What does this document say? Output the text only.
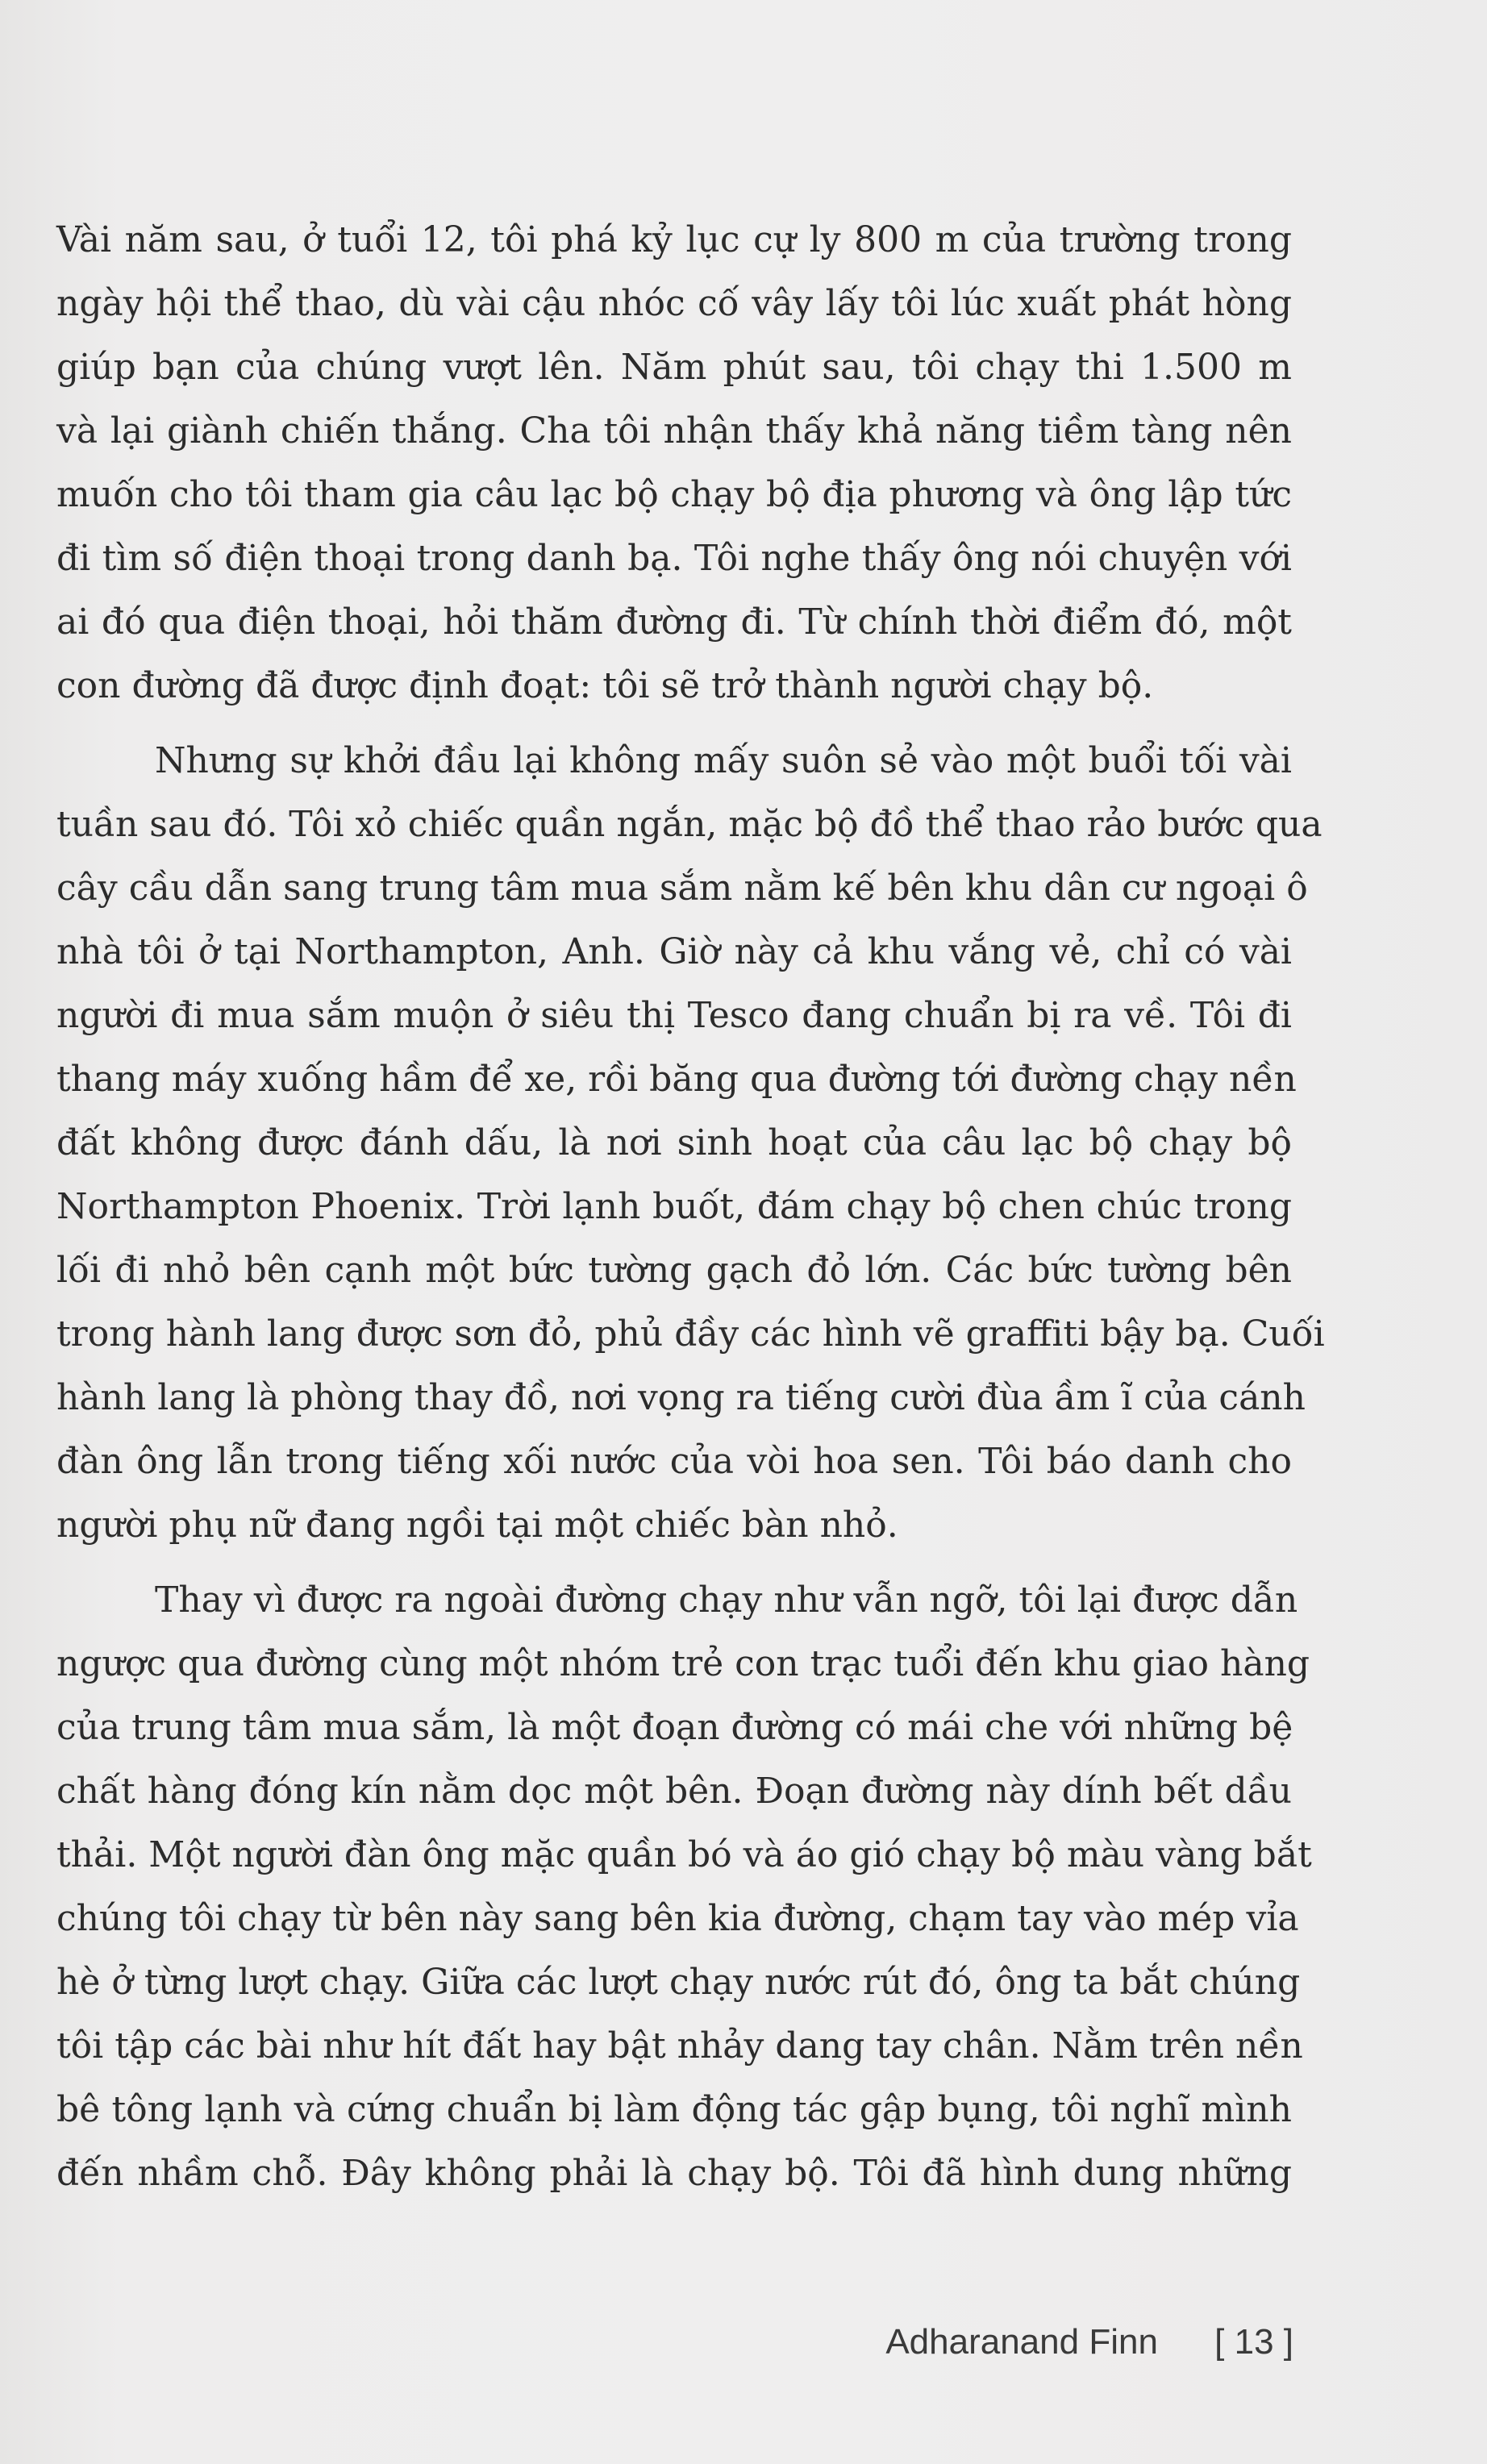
Vài năm sau, ở tuổi 12, tôi phá kỷ lục cự ly 800 m của trường trong
ngày hội thể thao, dù vài cậu nhóc cố vây lấy tôi lúc xuất phát hòng
giúp bạn của chúng vượt lên. Năm phút sau, tôi chạy thi 1.500 m
và lại giành chiến thắng. Cha tôi nhận thấy khả năng tiềm tàng nên
muốn cho tôi tham gia câu lạc bộ chạy bộ địa phương và ông lập tức
đi tìm số điện thoại trong danh bạ. Tôi nghe thấy ông nói chuyện với
ai đó qua điện thoại, hỏi thăm đường đi. Từ chính thời điểm đó, một
con đường đã được định đoạt: tôi sẽ trở thành người chạy bộ.

Nhưng sự khởi đầu lại không mấy suôn sẻ vào một buổi tối vài
tuần sau đó. Tôi xỏ chiếc quần ngắn, mặc bộ đồ thể thao rảo bước qua
cây cầu dẫn sang trung tâm mua sắm nằm kế bên khu dân cư ngoại ô
nhà tôi ở tại Northampton, Anh. Giờ này cả khu vắng vẻ, chỉ có vài
người đi mua sắm muộn ở siêu thị Tesco đang chuẩn bị ra về. Tôi đi
thang máy xuống hầm để xe, rồi băng qua đường tới đường chạy nền
đất không được đánh dấu, là nơi sinh hoạt của câu lạc bộ chạy bộ
Northampton Phoenix. Trời lạnh buốt, đám chạy bộ chen chúc trong
lối đi nhỏ bên cạnh một bức tường gạch đỏ lớn. Các bức tường bên
trong hành lang được sơn đỏ, phủ đầy các hình vẽ graffiti bậy bạ. Cuối
hành lang là phòng thay đồ, nơi vọng ra tiếng cười đùa ầm ĩ của cánh
đàn ông lẫn trong tiếng xối nước của vòi hoa sen. Tôi báo danh cho
người phụ nữ đang ngồi tại một chiếc bàn nhỏ.

Thay vì được ra ngoài đường chạy như vẫn ngỡ, tôi lại được dẫn
ngược qua đường cùng một nhóm trẻ con trạc tuổi đến khu giao hàng
của trung tâm mua sắm, là một đoạn đường có mái che với những bệ
chất hàng đóng kín nằm dọc một bên. Đoạn đường này dính bết dầu
thải. Một người đàn ông mặc quần bó và áo gió chạy bộ màu vàng bắt
chúng tôi chạy từ bên này sang bên kia đường, chạm tay vào mép vỉa
hè ở từng lượt chạy. Giữa các lượt chạy nước rút đó, ông ta bắt chúng
tôi tập các bài như hít đất hay bật nhảy dang tay chân. Nằm trên nền
bê tông lạnh và cứng chuẩn bị làm động tác gập bụng, tôi nghĩ mình
đến nhầm chỗ. Đây không phải là chạy bộ. Tôi đã hình dung những

Adharanand Finn [ 13 ]
